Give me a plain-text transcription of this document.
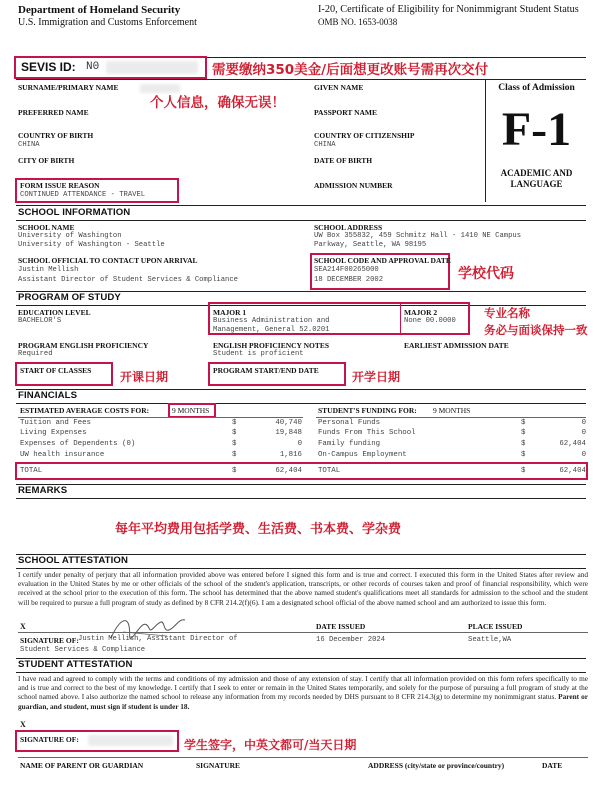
Department of Homeland Security
U.S. Immigration and Customs Enforcement
I-20, Certificate of Eligibility for Nonimmigrant Student Status
OMB NO. 1653-0038
SEVIS ID: N0	需要缴纳350美金/后面想更改账号需再次交付
SURNAME/PRIMARY NAME	GIVEN NAME
个人信息，确保无误！
PREFERRED NAME	PASSPORT NAME
COUNTRY OF BIRTH
CHINA
COUNTRY OF CITIZENSHIP
CHINA
CITY OF BIRTH	DATE OF BIRTH
FORM ISSUE REASON
CONTINUED ATTENDANCE - TRAVEL
ADMISSION NUMBER
Class of Admission
F-1
ACADEMIC AND
LANGUAGE
SCHOOL INFORMATION
SCHOOL NAME
University of Washington
University of Washington - Seattle
SCHOOL ADDRESS
UW Box 355832, 459 Schmitz Hall - 1410 NE Campus
Parkway, Seattle, WA 98195
SCHOOL OFFICIAL TO CONTACT UPON ARRIVAL
Justin Mellish
Assistant Director of Student Services & Compliance
SCHOOL CODE AND APPROVAL DATE
SEA214F00265000
18 DECEMBER 2002	学校代码
PROGRAM OF STUDY
EDUCATION LEVEL
BACHELOR'S
MAJOR 1
Business Administration and
Management, General 52.0201
MAJOR 2
None 00.0000
专业名称
务必与面谈保持一致
PROGRAM ENGLISH PROFICIENCY
Required
ENGLISH PROFICIENCY NOTES
Student is proficient
EARLIEST ADMISSION DATE
START OF CLASSES 开课日期	PROGRAM START/END DATE	开学日期
FINANCIALS
ESTIMATED AVERAGE COSTS FOR:	9 MONTHS	STUDENT'S FUNDING FOR: 9 MONTHS
Tuition and Fees	$	40,740
Living Expenses	$	19,848
Expenses of Dependents (0)	$	0
UW health insurance	$	1,816
Personal Funds	$	0
Funds From This School	$	0
Family funding	$	62,404
On-Campus Employment	$	0
TOTAL	$	62,404 TOTAL	$	62,404
REMARKS
每年平均费用包括学费、生活费、书本费、学杂费
SCHOOL ATTESTATION
I certify under penalty of perjury that all information provided above was entered before I signed this form and is true and correct. I executed this form in the United States after review and evaluation in the United States by me or other officials of the school of the student's application, transcripts, or other records of courses taken and proof of financial responsibility, which were received at the school prior to the execution of this form. The school has determined that the above named student's qualifications meet all standards for admission to the school and the student will be required to pursue a full program of study as defined by 8 CFR 214.2(f)(6). I am a designated school official of the above named school and am authorized to issue this form.
X
SIGNATURE OF: Justin Mellish, Assistant Director of
Student Services & Compliance
DATE ISSUED
16 December 2024
PLACE ISSUED
Seattle,WA
STUDENT ATTESTATION
I have read and agreed to comply with the terms and conditions of my admission and those of any extension of stay. I certify that all information provided on this form refers specifically to me and is true and correct to the best of my knowledge. I certify that I seek to enter or remain in the United States temporarily, and solely for the purpose of pursuing a full program of study at the school named above. I also authorize the named school to release any information from my records needed by DHS pursuant to 8 CFR 214.3(g) to determine my nonimmigrant status. Parent or guardian, and student, must sign if student is under 18.
X
SIGNATURE OF:	学生签字，中英文都可/当天日期
NAME OF PARENT OR GUARDIAN	SIGNATURE	ADDRESS (city/state or province/country)	DATE
